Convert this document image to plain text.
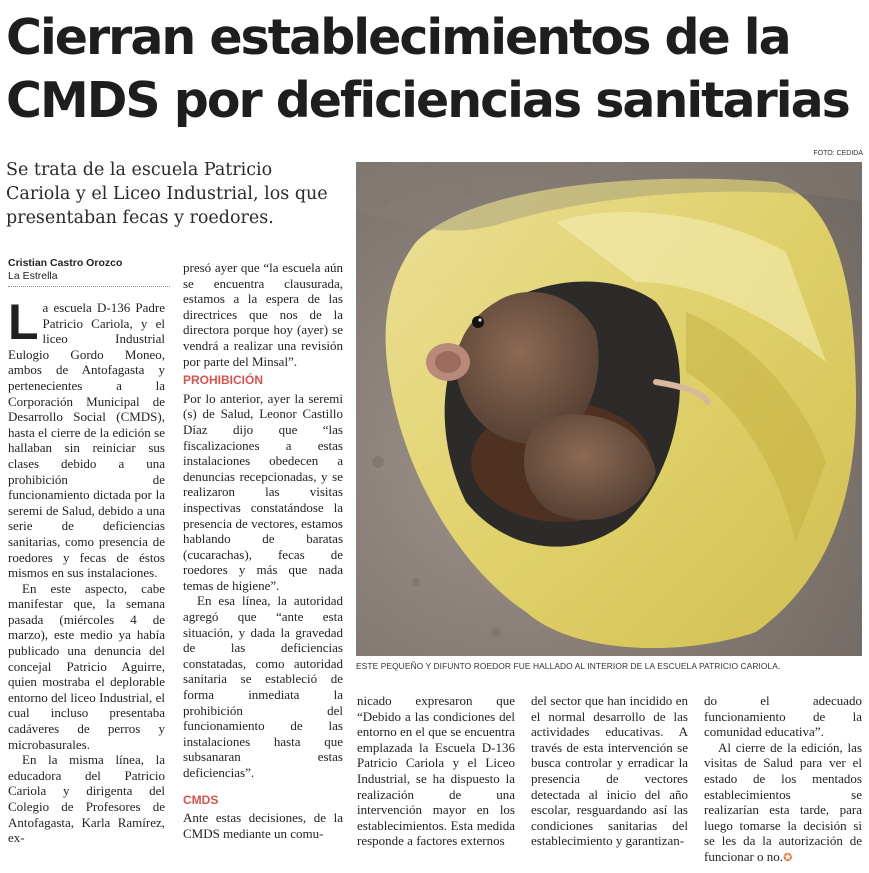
Cierran establecimientos de la
CMDS por deficiencias sanitarias
Se trata de la escuela Patricio
Cariola y el Liceo Industrial, los que
presentaban fecas y roedores.
Cristian Castro Orozco
La Estrella
FOTO: CEDIDA
ESTE PEQUEÑO Y DIFUNTO ROEDOR FUE HALLADO AL INTERIOR DE LA ESCUELA PATRICIO CARIOLA.

La escuela D-136 Padre Patricio Cariola, y el liceo Industrial Eulogio Gordo Moneo, ambos de Antofagasta y pertenecientes a la Corporación Municipal de Desarrollo Social (CMDS), hasta el cierre de la edición se hallaban sin reiniciar sus clases debido a una prohibición de funcionamiento dictada por la seremi de Salud, debido a una serie de deficiencias sanitarias, como presencia de roedores y fecas de éstos mismos en sus instalaciones.

En este aspecto, cabe manifestar que, la semana pasada (miércoles 4 de marzo), este medio ya había publicado una denuncia del concejal Patricio Aguirre, quien mostraba el deplorable entorno del liceo Industrial, el cual incluso presentaba cadáveres de perros y microbasurales.

En la misma línea, la educadora del Patricio Cariola y dirigenta del Colegio de Profesores de Antofagasta, Karla Ramírez, ex-

presó ayer que “la escuela aún se encuentra clausurada, estamos a la espera de las directrices que nos de la directora porque hoy (ayer) se vendrá a realizar una revisión por parte del Minsal”.

PROHIBICIÓN

Por lo anterior, ayer la seremi (s) de Salud, Leonor Castillo Díaz dijo que “las fiscalizaciones a estas instalaciones obedecen a denuncias recepcionadas, y se realizaron las visitas inspectivas constatándose la presencia de vectores, estamos hablando de baratas (cucarachas), fecas de roedores y más que nada temas de higiene”.

En esa línea, la autoridad agregó que “ante esta situación, y dada la gravedad de las deficiencias constatadas, como autoridad sanitaria se estableció de forma inmediata la prohibición del funcionamiento de las instalaciones hasta que subsanaran estas deficiencias”.

CMDS

Ante estas decisiones, de la CMDS mediante un comu-

nicado expresaron que “Debido a las condiciones del entorno en el que se encuentra emplazada la Escuela D-136 Patricio Cariola y el Liceo Industrial, se ha dispuesto la realización de una intervención mayor en los establecimientos. Esta medida responde a factores externos

del sector que han incidido en el normal desarrollo de las actividades educativas. A través de esta intervención se busca controlar y erradicar la presencia de vectores detectada al inicio del año escolar, resguardando así las condiciones sanitarias del establecimiento y garantizan-

do el adecuado funcionamiento de la comunidad educativa”.

Al cierre de la edición, las visitas de Salud para ver el estado de los mentados establecimientos se realizarían esta tarde, para luego tomarse la decisión si se les da la autorización de funcionar o no.✪
